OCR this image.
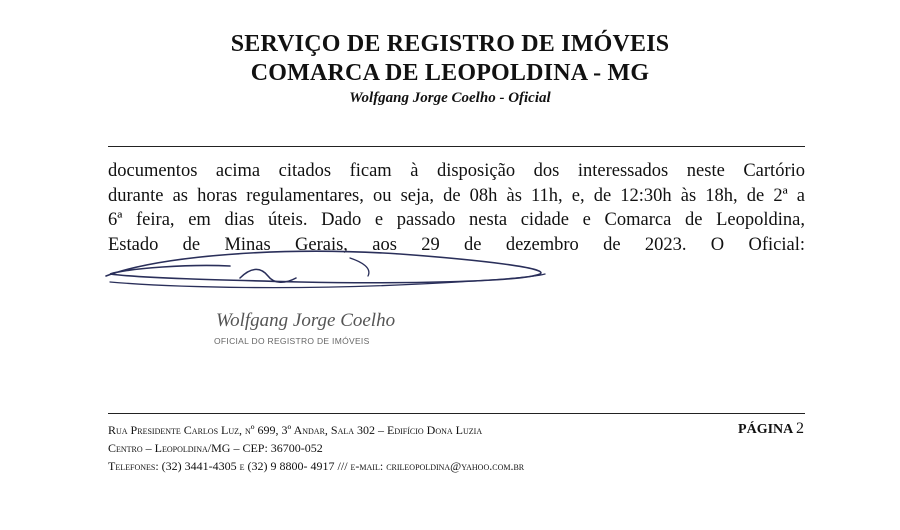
SERVIÇO DE REGISTRO DE IMÓVEIS
COMARCA DE LEOPOLDINA - MG
Wolfgang Jorge Coelho - Oficial
documentos acima citados ficam à disposição dos interessados neste Cartório
durante as horas regulamentares, ou seja, de 08h às 11h, e, de 12:30h às 18h, de 2ª a
6ª feira, em dias úteis. Dado e passado nesta cidade e Comarca de Leopoldina,
Estado de Minas Gerais, aos 29 de dezembro de 2023. O Oficial:
Wolfgang Jorge Coelho
OFICIAL DO REGISTRO DE IMÓVEIS
Rua Presidente Carlos Luz, nº 699, 3º Andar, Sala 302 – Edifício Dona Luzia
Centro – Leopoldina/MG – CEP: 36700-052
Telefones: (32) 3441-4305 e (32) 9 8800- 4917 /// e-mail: crileopoldina@yahoo.com.br
PÁGINA 2
